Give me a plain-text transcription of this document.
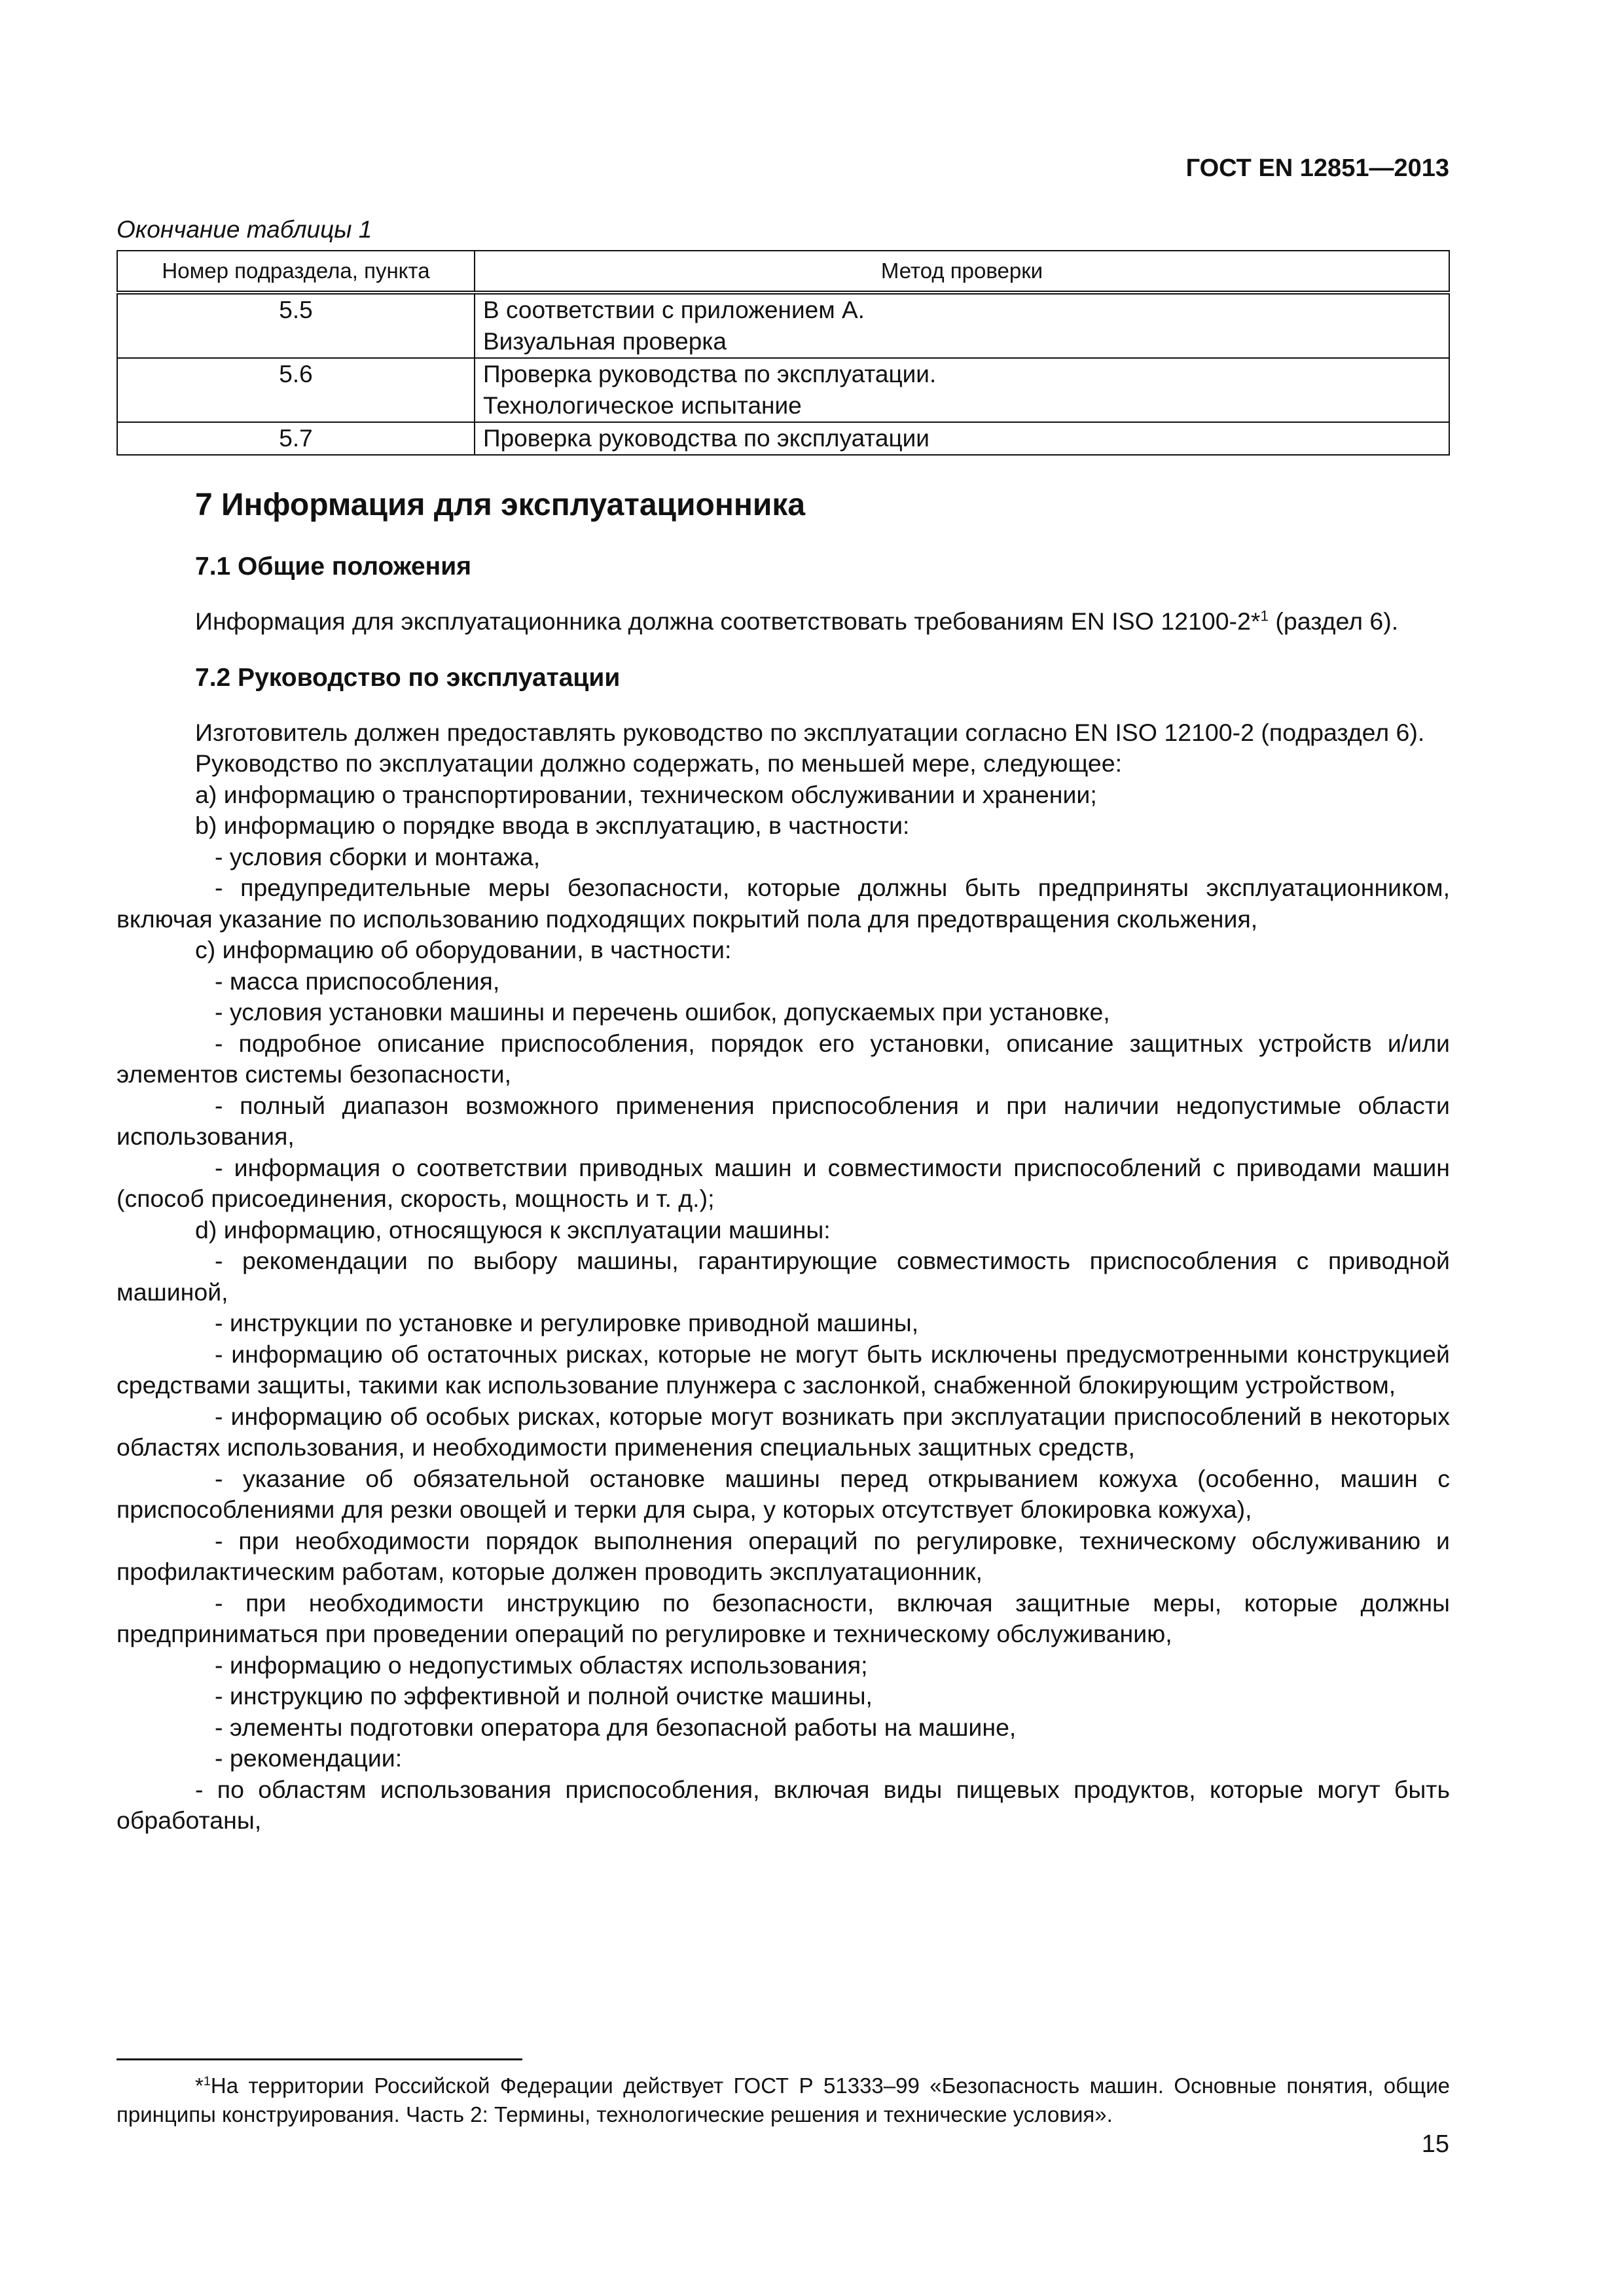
ГОСТ EN 12851—2013
Окончание таблицы 1
Номер подраздела, пункта	Метод проверки
5.5	В соответствии с приложением А.
Визуальная проверка

5.6	Проверка руководства по эксплуатации.
Технологическое испытание

5.7	Проверка руководства по эксплуатации
7 Информация для эксплуатационника
7.1 Общие положения

Информация для эксплуатационника должна соответствовать требованиям EN ISO 12100-2*$^1$ (раздел 6).

7.2 Руководство по эксплуатации

Изготовитель должен предоставлять руководство по эксплуатации согласно EN ISO 12100-2 (подраздел 6).

Руководство по эксплуатации должно содержать, по меньшей мере, следующее:

a) информацию о транспортировании, техническом обслуживании и хранении;

b) информацию о порядке ввода в эксплуатацию, в частности:

- условия сборки и монтажа,

- предупредительные меры безопасности, которые должны быть предприняты эксплуатационником, включая указание по использованию подходящих покрытий пола для предотвращения скольжения,

c) информацию об оборудовании, в частности:

- масса приспособления,

- условия установки машины и перечень ошибок, допускаемых при установке,

- подробное описание приспособления, порядок его установки, описание защитных устройств и/или элементов системы безопасности,

- полный диапазон возможного применения приспособления и при наличии недопустимые области использования,

- информация о соответствии приводных машин и совместимости приспособлений с приводами машин (способ присоединения, скорость, мощность и т. д.);

d) информацию, относящуюся к эксплуатации машины:

- рекомендации по выбору машины, гарантирующие совместимость приспособления с приводной машиной,

- инструкции по установке и регулировке приводной машины,

- информацию об остаточных рисках, которые не могут быть исключены предусмотренными конструкцией средствами защиты, такими как использование плунжера с заслонкой, снабженной блокирующим устройством,

- информацию об особых рисках, которые могут возникать при эксплуатации приспособлений в некоторых областях использования, и необходимости применения специальных защитных средств,

- указание об обязательной остановке машины перед открыванием кожуха (особенно, машин с приспособлениями для резки овощей и терки для сыра, у которых отсутствует блокировка кожуха),

- при необходимости порядок выполнения операций по регулировке, техническому обслуживанию и профилактическим работам, которые должен проводить эксплуатационник,

- при необходимости инструкцию по безопасности, включая защитные меры, которые должны предприниматься при проведении операций по регулировке и техническому обслуживанию,

- информацию о недопустимых областях использования;

- инструкцию по эффективной и полной очистке машины,

- элементы подготовки оператора для безопасной работы на машине,

- рекомендации:

- по областям использования приспособления, включая виды пищевых продуктов, которые могут быть обработаны,

*$^1$На территории Российской Федерации действует ГОСТ Р 51333–99 «Безопасность машин. Основные понятия, общие принципы конструирования. Часть 2: Термины, технологические решения и технические условия».
15
